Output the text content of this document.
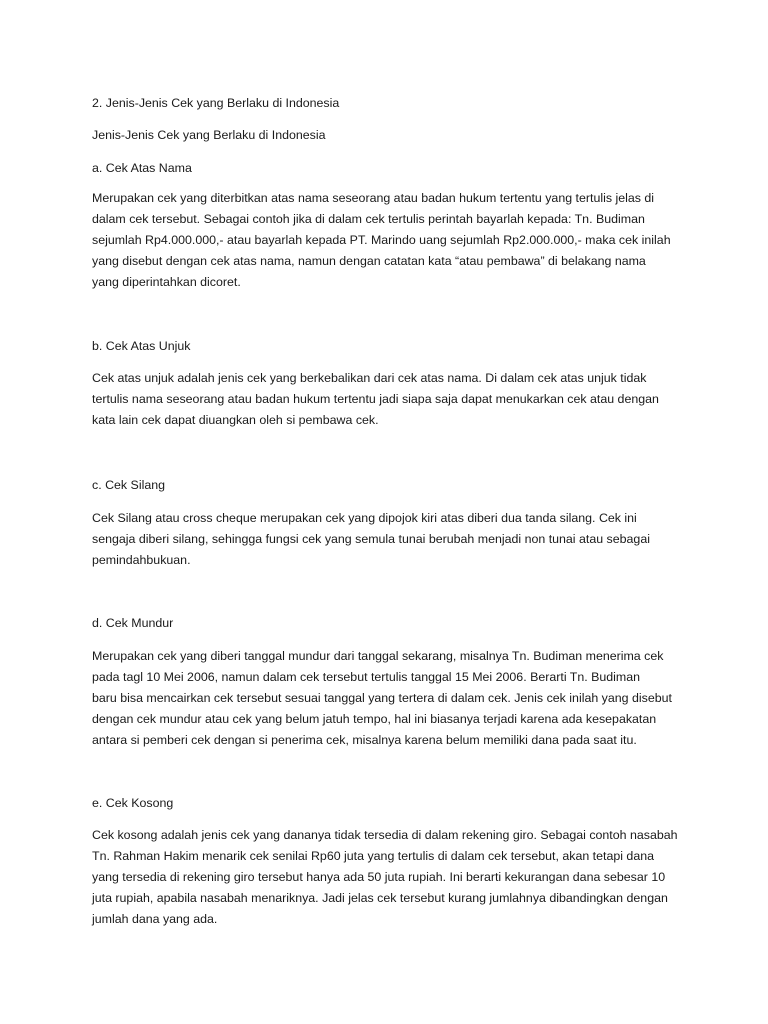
2. Jenis-Jenis Cek yang Berlaku di Indonesia

Jenis-Jenis Cek yang Berlaku di Indonesia

a. Cek Atas Nama

Merupakan cek yang diterbitkan atas nama seseorang atau badan hukum tertentu yang tertulis jelas di

dalam cek tersebut. Sebagai contoh jika di dalam cek tertulis perintah bayarlah kepada: Tn. Budiman

sejumlah Rp4.000.000,- atau bayarlah kepada PT. Marindo uang sejumlah Rp2.000.000,- maka cek inilah

yang disebut dengan cek atas nama, namun dengan catatan kata “atau pembawa” di belakang nama

yang diperintahkan dicoret.

b. Cek Atas Unjuk

Cek atas unjuk adalah jenis cek yang berkebalikan dari cek atas nama. Di dalam cek atas unjuk tidak

tertulis nama seseorang atau badan hukum tertentu jadi siapa saja dapat menukarkan cek atau dengan

kata lain cek dapat diuangkan oleh si pembawa cek.

c. Cek Silang

Cek Silang atau cross cheque merupakan cek yang dipojok kiri atas diberi dua tanda silang. Cek ini

sengaja diberi silang, sehingga fungsi cek yang semula tunai berubah menjadi non tunai atau sebagai

pemindahbukuan.

d. Cek Mundur

Merupakan cek yang diberi tanggal mundur dari tanggal sekarang, misalnya Tn. Budiman menerima cek

pada tagl 10 Mei 2006, namun dalam cek tersebut tertulis tanggal 15 Mei 2006. Berarti Tn. Budiman

baru bisa mencairkan cek tersebut sesuai tanggal yang tertera di dalam cek. Jenis cek inilah yang disebut

dengan cek mundur atau cek yang belum jatuh tempo, hal ini biasanya terjadi karena ada kesepakatan

antara si pemberi cek dengan si penerima cek, misalnya karena belum memiliki dana pada saat itu.

e. Cek Kosong

Cek kosong adalah jenis cek yang dananya tidak tersedia di dalam rekening giro. Sebagai contoh nasabah

Tn. Rahman Hakim menarik cek senilai Rp60 juta yang tertulis di dalam cek tersebut, akan tetapi dana

yang tersedia di rekening giro tersebut hanya ada 50 juta rupiah. Ini berarti kekurangan dana sebesar 10

juta rupiah, apabila nasabah menariknya. Jadi jelas cek tersebut kurang jumlahnya dibandingkan dengan

jumlah dana yang ada.
